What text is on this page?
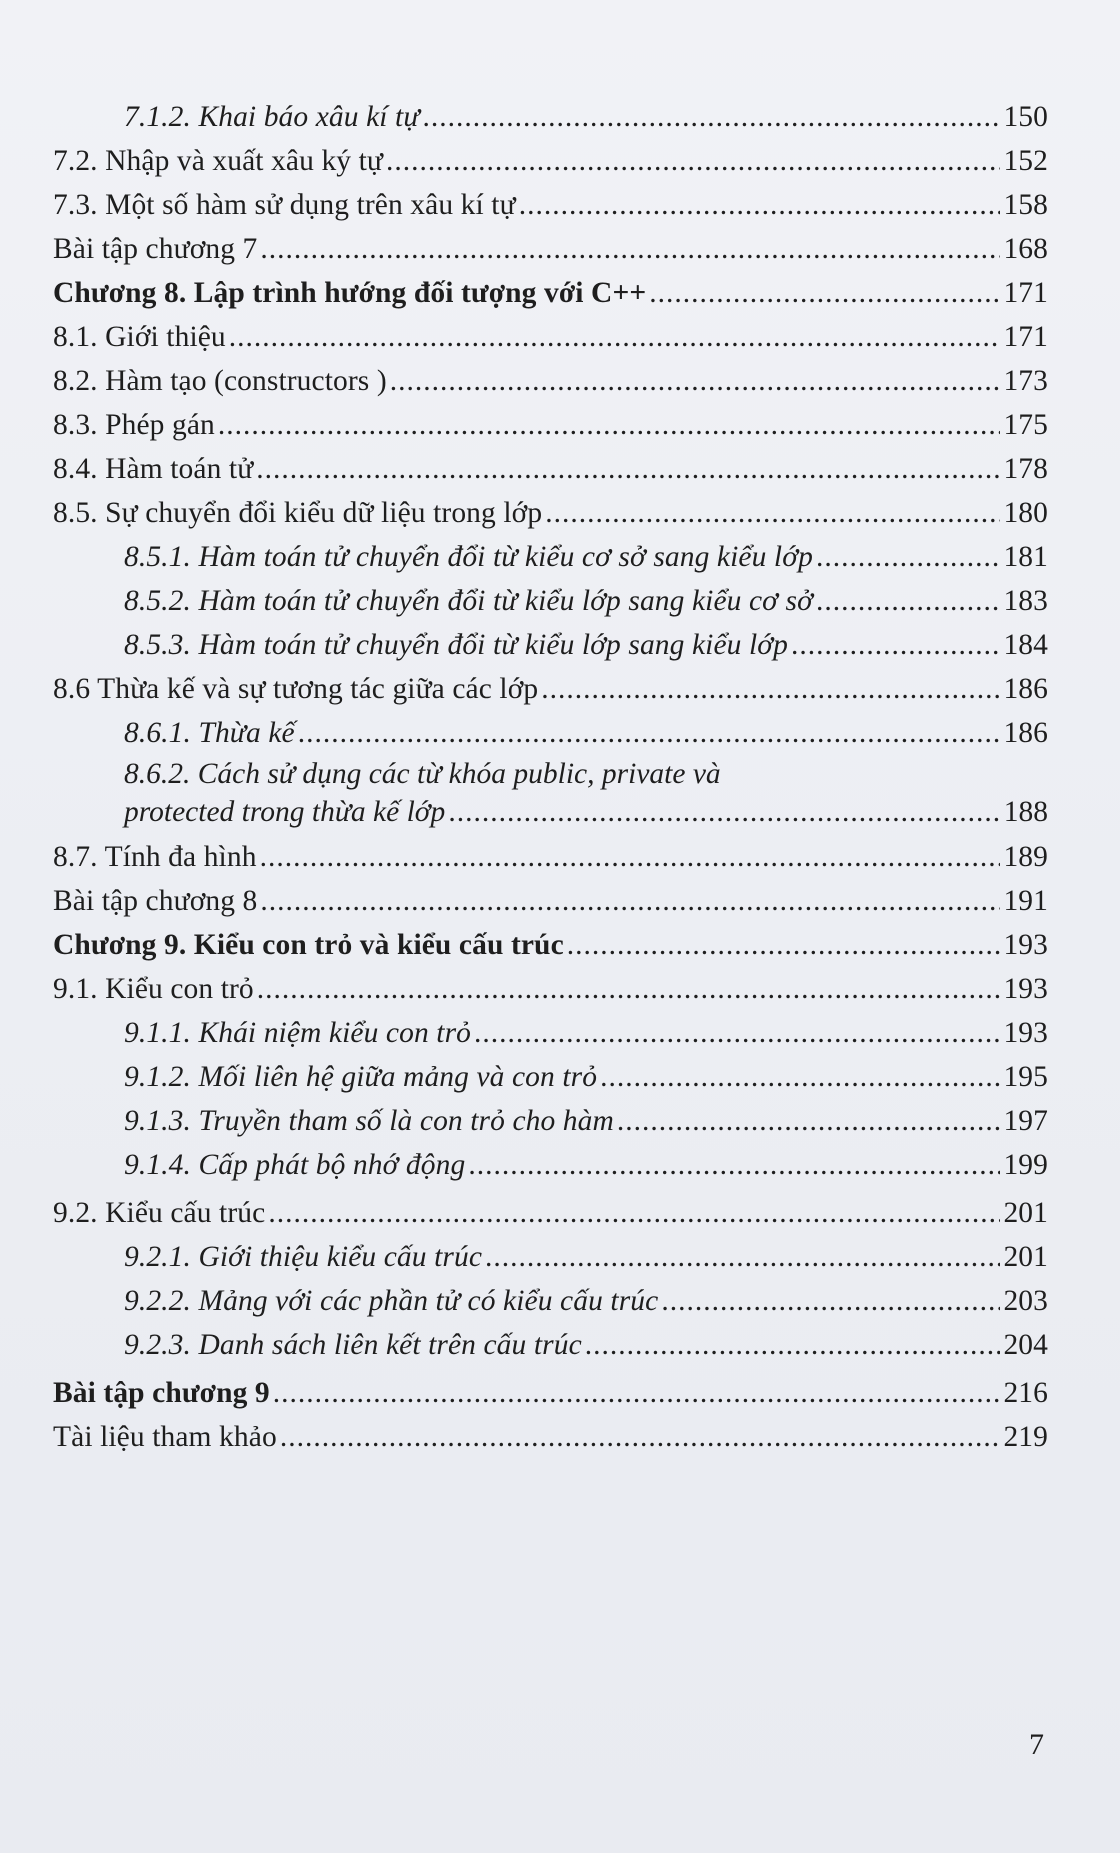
7.1.2. Khai báo xâu kí tự .....	150
7.2. Nhập và xuất xâu ký tự .....	152
7.3. Một số hàm sử dụng trên xâu kí tự .....	158
Bài tập chương 7 .....	168
Chương 8. Lập trình hướng đối tượng với C++ .....	171
8.1. Giới thiệu .....	171
8.2. Hàm tạo (constructors ) .....	173
8.3. Phép gán .....	175
8.4. Hàm toán tử .....	178
8.5. Sự chuyển đổi kiểu dữ liệu trong lớp .....	180
8.5.1. Hàm toán tử chuyển đổi từ kiểu cơ sở sang kiểu lớp .....	181
8.5.2. Hàm toán tử chuyển đổi từ kiểu lớp sang kiểu cơ sở .....	183
8.5.3. Hàm toán tử chuyển đổi từ kiểu lớp sang kiểu lớp .....	184
8.6 Thừa kế và sự tương tác giữa các lớp .....	186
8.6.1. Thừa kế .....	186
8.6.2. Cách sử dụng các từ khóa public, private và
protected trong thừa kế lớp .....	188
8.7. Tính đa hình .....	189
Bài tập chương 8 .....	191
Chương 9. Kiểu con trỏ và kiểu cấu trúc .....	193
9.1. Kiểu con trỏ .....	193
9.1.1. Khái niệm kiểu con trỏ .....	193
9.1.2. Mối liên hệ giữa mảng và con trỏ .....	195
9.1.3. Truyền tham số là con trỏ cho hàm .....	197
9.1.4. Cấp phát bộ nhớ động .....	199
9.2. Kiểu cấu trúc .....	201
9.2.1. Giới thiệu kiểu cấu trúc .....	201
9.2.2. Mảng với các phần tử có kiểu cấu trúc .....	203
9.2.3. Danh sách liên kết trên cấu trúc .....	204
Bài tập chương 9 .....	216
Tài liệu tham khảo .....	219
7
